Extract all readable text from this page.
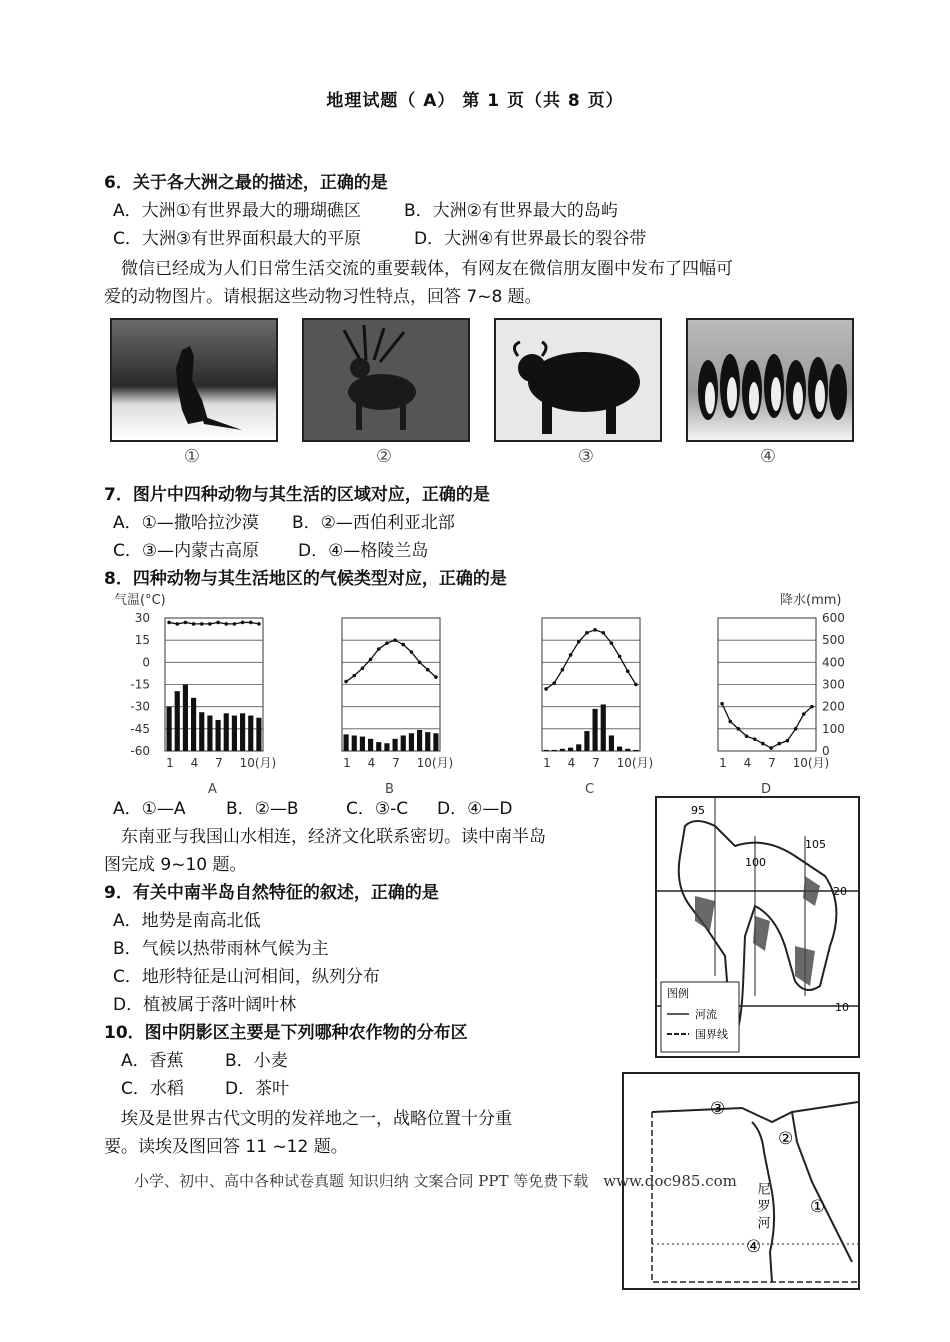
地理试题（ A） 第 1 页（共 8 页）
6．关于各大洲之最的描述，正确的是
A．大洲①有世界最大的珊瑚礁区	B．大洲②有世界最大的岛屿
C．大洲③有世界面积最大的平原	D．大洲④有世界最长的裂谷带
微信已经成为人们日常生活交流的重要载体，有网友在微信朋友圈中发布了四幅可
爱的动物图片。请根据这些动物习性特点，回答 7~8 题。
①	②	③	④
7．图片中四种动物与其生活的区域对应，正确的是
A．①—撒哈拉沙漠 B．②—西伯利亚北部
C．③—内蒙古高原 D．④—格陵兰岛
8．四种动物与其生活地区的气候类型对应，正确的是
气温(°C)	降水(mm)
30
15
0
-15
-30
-45
-60
600
500
400
300
200
100
0
1 4 7 10(月)
A
1 4 7 10(月)
B
1 4 7 10(月)
C
1 4 7 10(月)
D
A．①—A B．②—B	C．③-C D．④—D
东南亚与我国山水相连，经济文化联系密切。读中南半岛
图完成 9~10 题。
9．有关中南半岛自然特征的叙述，正确的是
A．地势是南高北低
B．气候以热带雨林气候为主
C．地形特征是山河相间，纵列分布
D．植被属于落叶阔叶林
10．图中阴影区主要是下列哪种农作物的分布区
A．香蕉 B．小麦
C．水稻 D．茶叶
埃及是世界古代文明的发祥地之一，战略位置十分重
要。读埃及图回答 11 ~12 题。
95
100
105
20
10
图例
河流
国界线
③
②
①
④
尼 罗 河
小学、初中、高中各种试卷真题 知识归纳 文案合同 PPT 等免费下载　www.doc985.com
